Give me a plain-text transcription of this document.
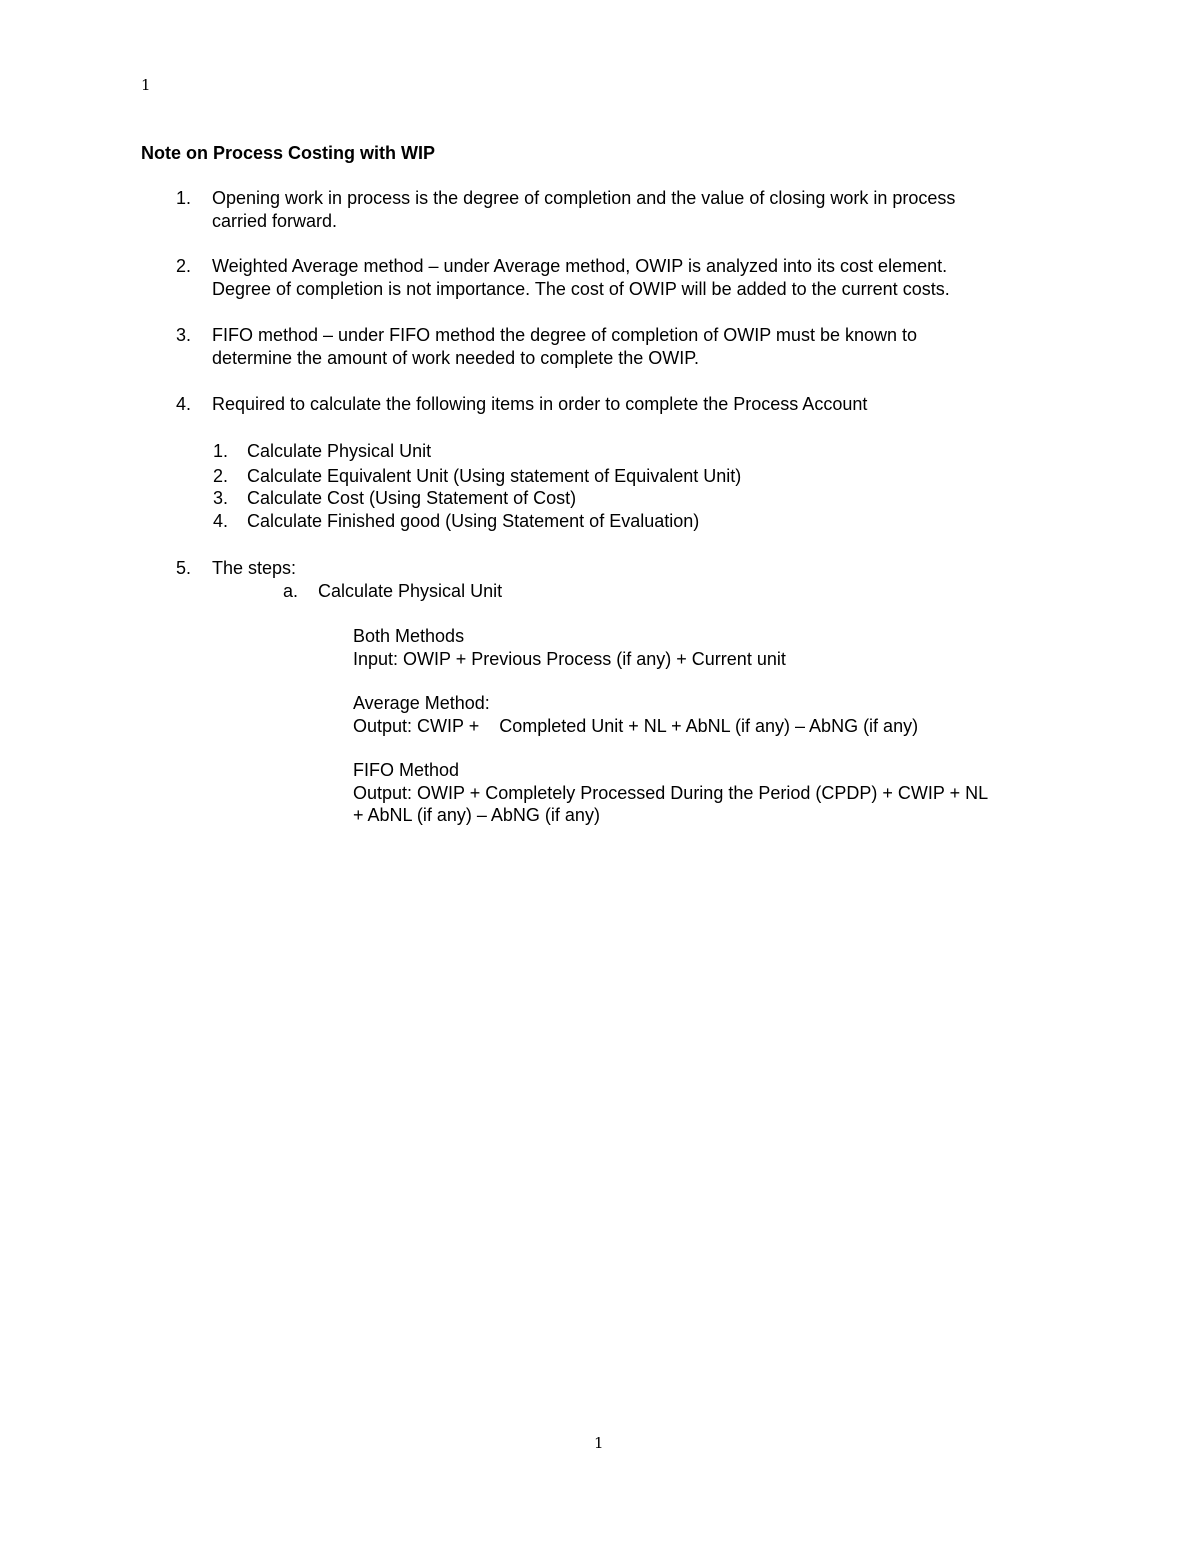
1
Note on Process Costing with WIP
1. Opening work in process is the degree of completion and the value of closing work in process
carried forward.
2. Weighted Average method – under Average method, OWIP is analyzed into its cost element.
Degree of completion is not importance. The cost of OWIP will be added to the current costs.
3. FIFO method – under FIFO method the degree of completion of OWIP must be known to
determine the amount of work needed to complete the OWIP.
4. Required to calculate the following items in order to complete the Process Account
1. Calculate Physical Unit
2. Calculate Equivalent Unit (Using statement of Equivalent Unit)
3. Calculate Cost (Using Statement of Cost)
4. Calculate Finished good (Using Statement of Evaluation)
5. The steps:
a. Calculate Physical Unit
Both Methods
Input: OWIP + Previous Process (if any) + Current unit
Average Method:
Output: CWIP +    Completed Unit + NL + AbNL (if any) – AbNG (if any)
FIFO Method
Output: OWIP + Completely Processed During the Period (CPDP) + CWIP + NL
+ AbNL (if any) – AbNG (if any)
1
